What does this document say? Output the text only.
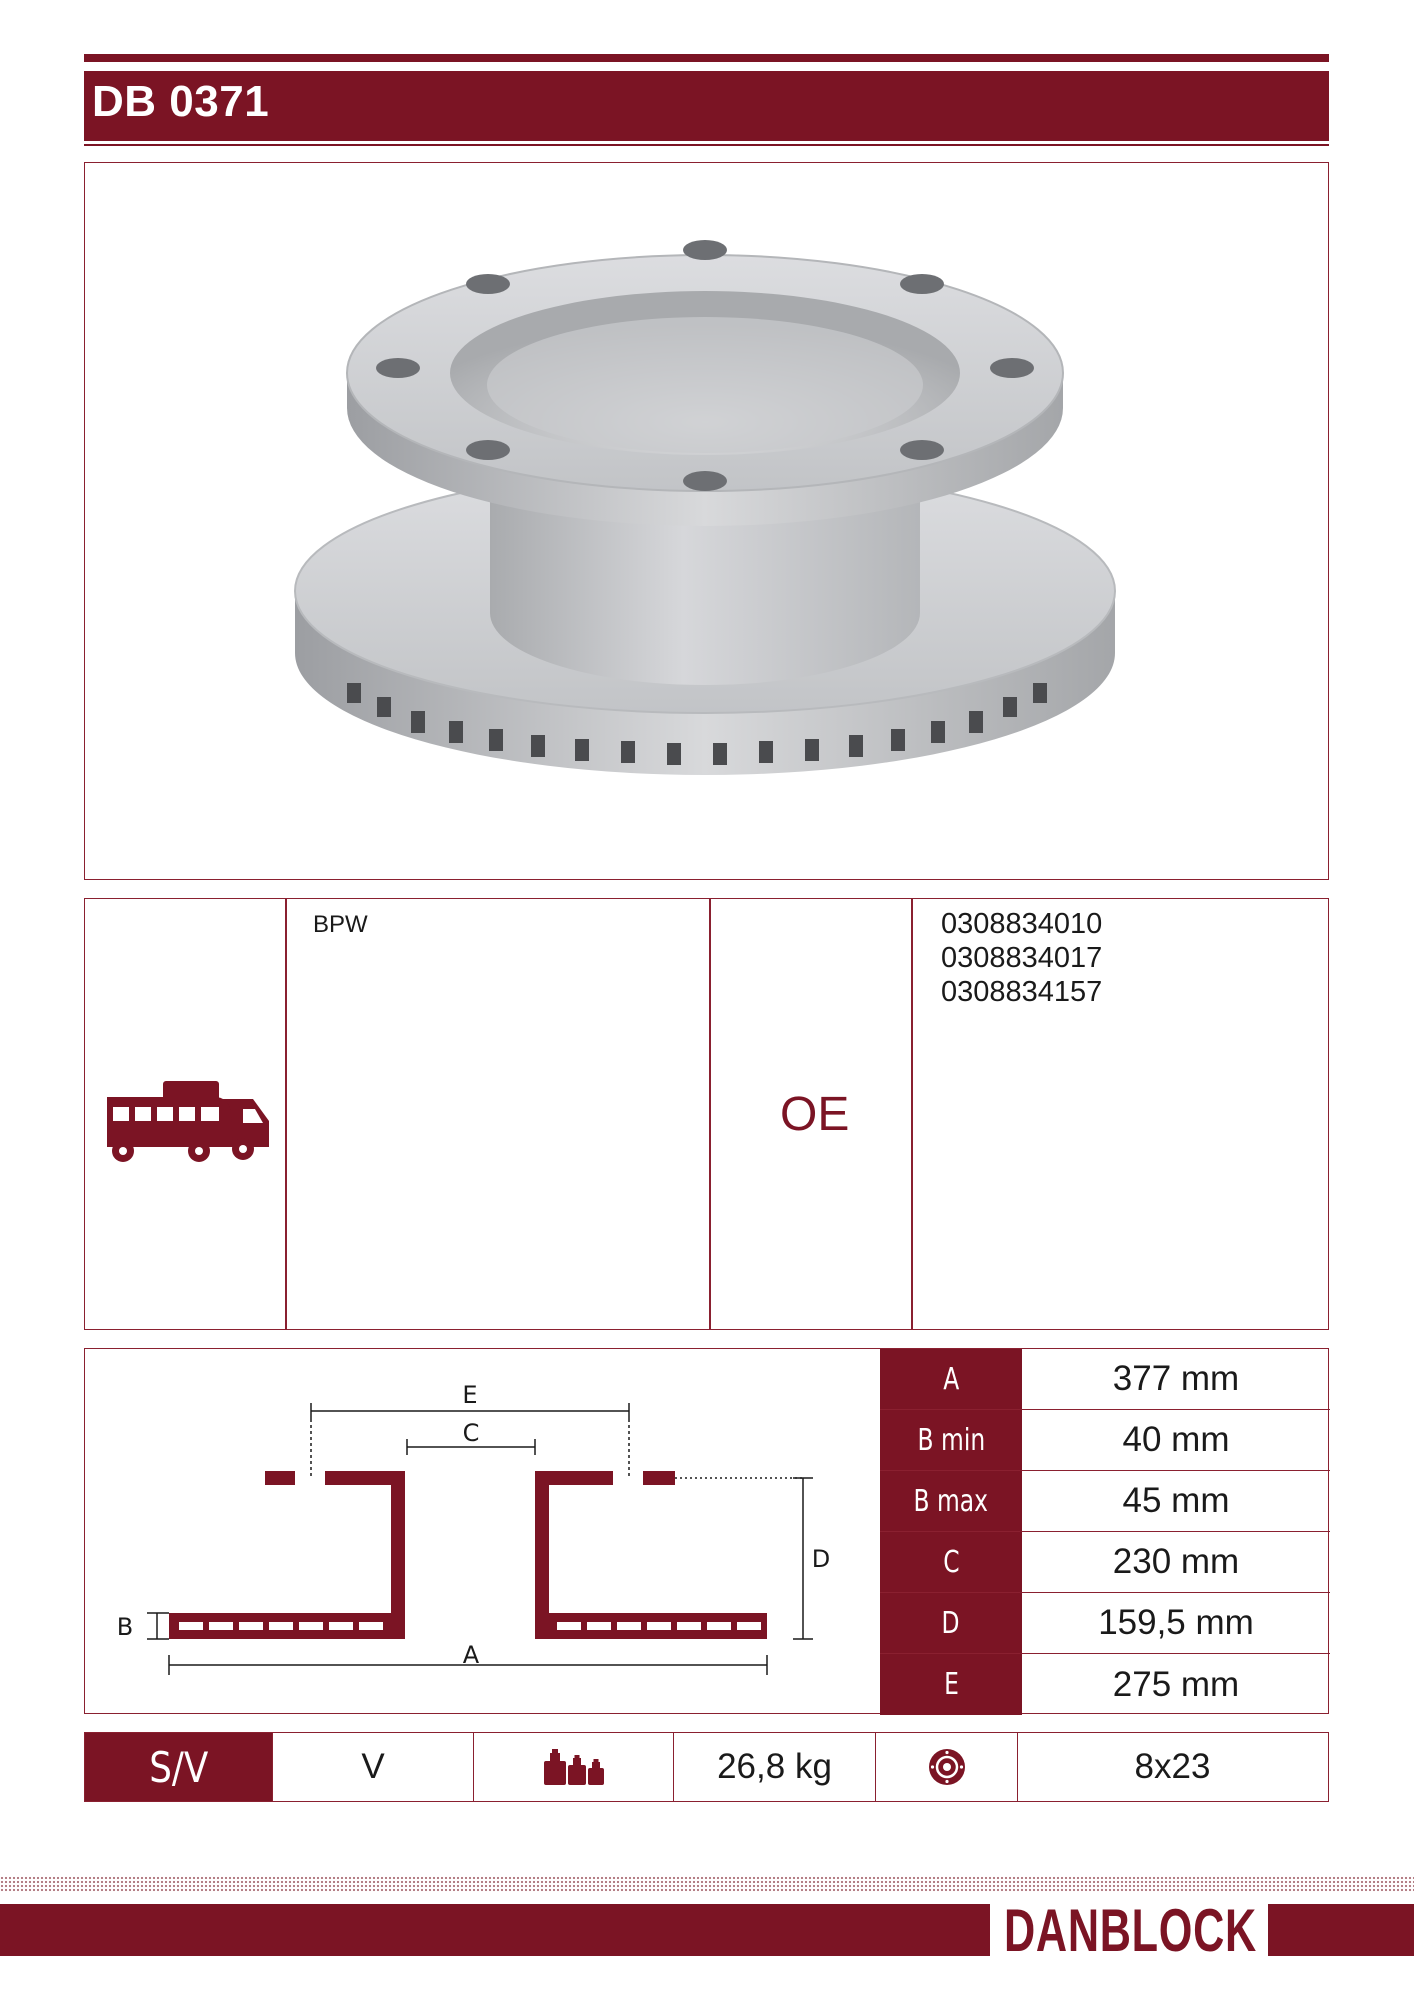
DB 0371
BPW
OE
0308834010
0308834017
0308834157
E
C
D
B
A
A	377 mm
B min	40 mm
B max	45 mm
C	230 mm
D	159,5 mm
E	275 mm
S/V	V	26,8 kg	8x23
DANBLOCK
